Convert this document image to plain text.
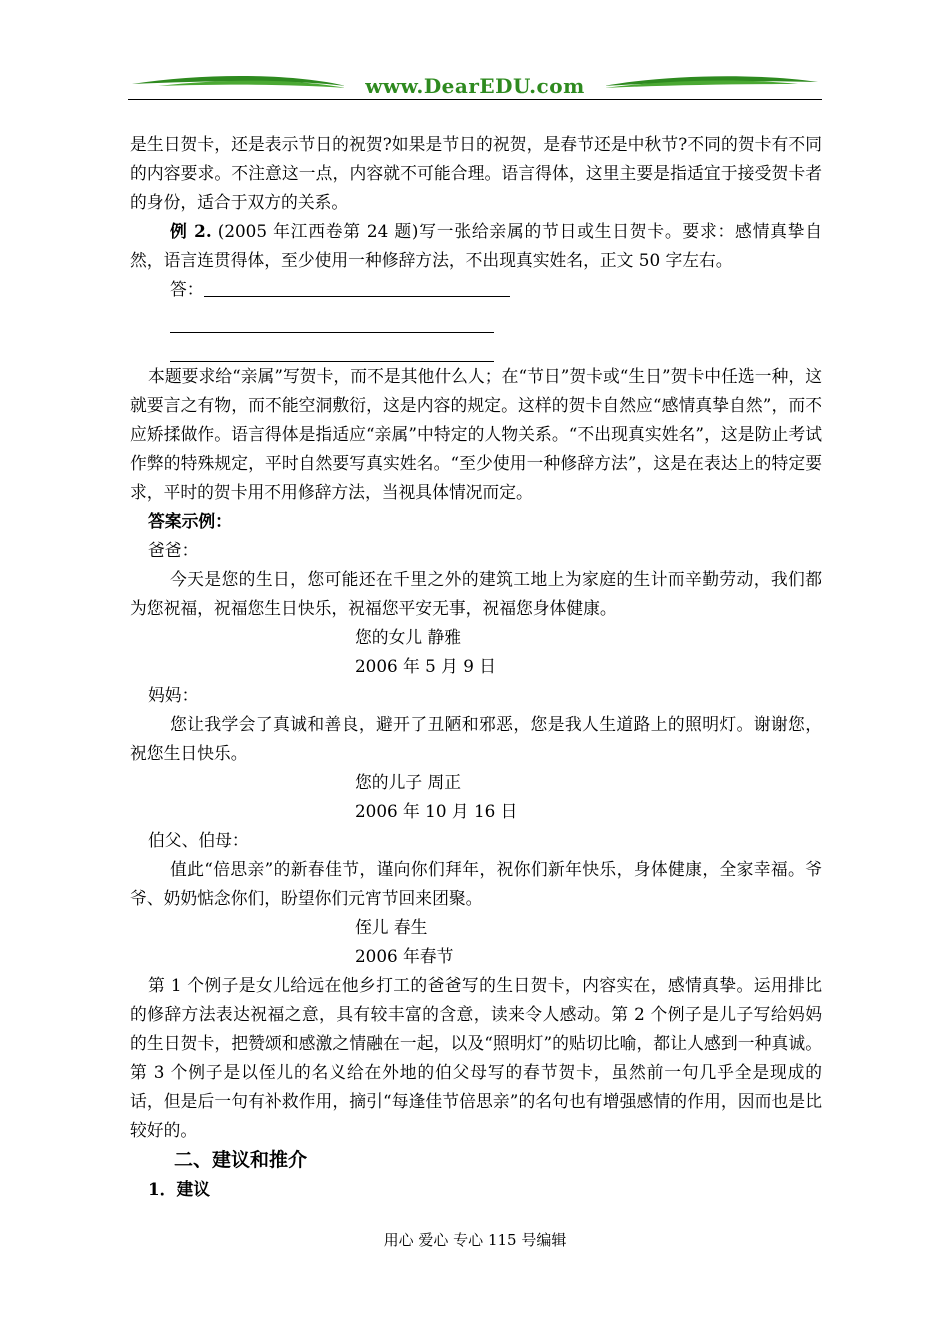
www.DearEDU.com

是生日贺卡，还是表示节日的祝贺?如果是节日的祝贺，是春节还是中秋节?不同的贺卡有不同的内容要求。不注意这一点，内容就不可能合理。语言得体，这里主要是指适宜于接受贺卡者的身份，适合于双方的关系。

例 2. (2005 年江西卷第 24 题)写一张给亲属的节日或生日贺卡。要求：感情真挚自然，语言连贯得体，至少使用一种修辞方法，不出现真实姓名，正文 50 字左右。

答：

本题要求给“亲属”写贺卡，而不是其他什么人；在“节日”贺卡或“生日”贺卡中任选一种，这就要言之有物，而不能空洞敷衍，这是内容的规定。这样的贺卡自然应“感情真挚自然”，而不应矫揉做作。语言得体是指适应“亲属”中特定的人物关系。“不出现真实姓名”，这是防止考试作弊的特殊规定，平时自然要写真实姓名。“至少使用一种修辞方法”，这是在表达上的特定要求，平时的贺卡用不用修辞方法，当视具体情况而定。

答案示例：

爸爸：

今天是您的生日，您可能还在千里之外的建筑工地上为家庭的生计而辛勤劳动，我们都为您祝福，祝福您生日快乐，祝福您平安无事，祝福您身体健康。

您的女儿 静雅

2006 年 5 月 9 日

妈妈：

您让我学会了真诚和善良，避开了丑陋和邪恶，您是我人生道路上的照明灯。谢谢您，祝您生日快乐。

您的儿子 周正

2006 年 10 月 16 日

伯父、伯母：

值此“倍思亲”的新春佳节，谨向你们拜年，祝你们新年快乐，身体健康，全家幸福。爷爷、奶奶惦念你们，盼望你们元宵节回来团聚。

侄儿 春生

2006 年春节

第 1 个例子是女儿给远在他乡打工的爸爸写的生日贺卡，内容实在，感情真挚。运用排比的修辞方法表达祝福之意，具有较丰富的含意，读来令人感动。第 2 个例子是儿子写给妈妈的生日贺卡，把赞颂和感激之情融在一起，以及“照明灯”的贴切比喻，都让人感到一种真诚。第 3 个例子是以侄儿的名义给在外地的伯父母写的春节贺卡，虽然前一句几乎全是现成的话，但是后一句有补救作用，摘引“每逢佳节倍思亲”的名句也有增强感情的作用，因而也是比较好的。

二、建议和推介

1．建议

用心 爱心 专心 115 号编辑
